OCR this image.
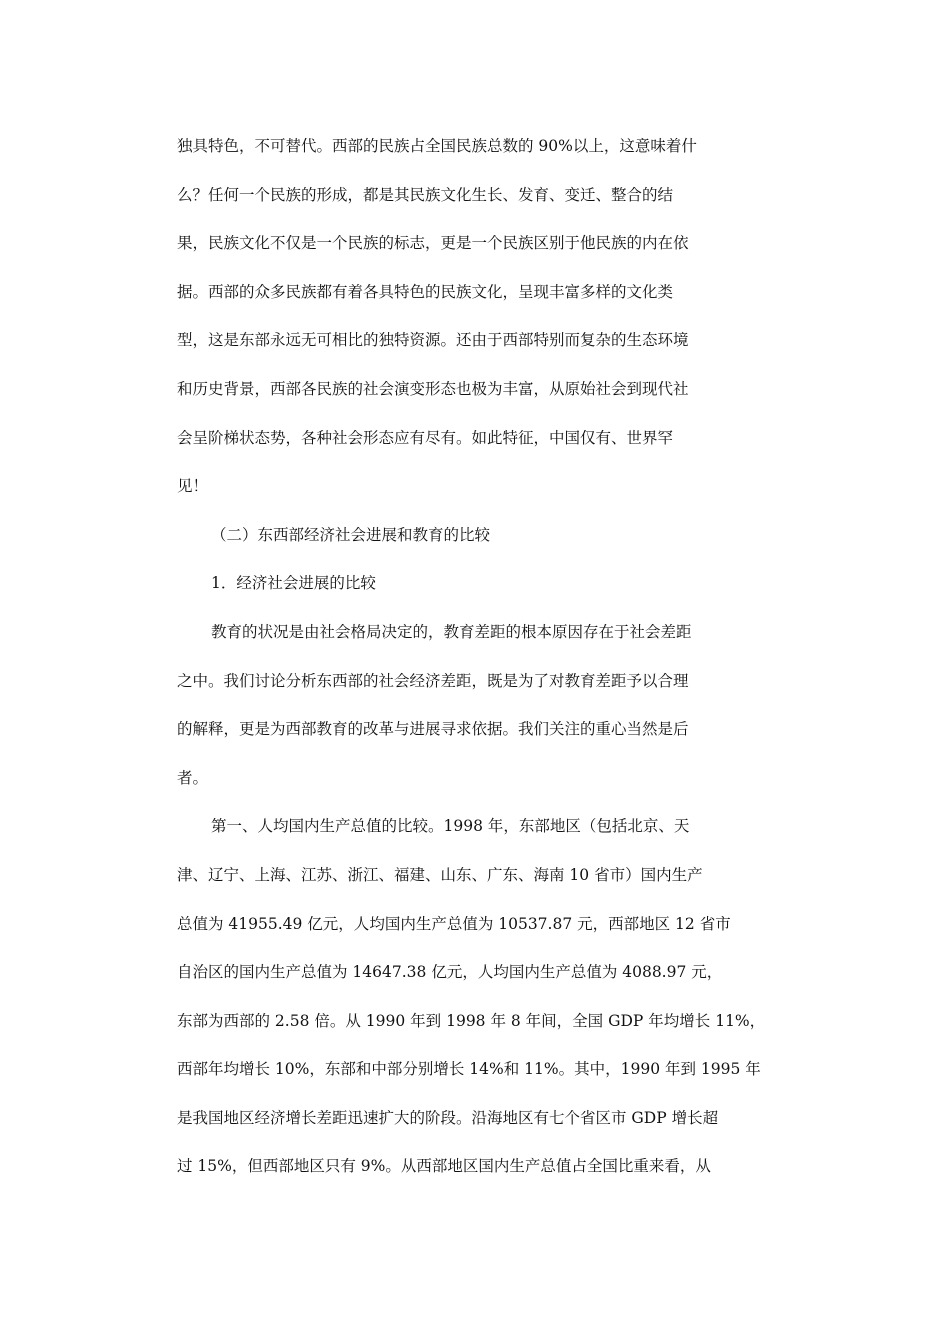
独具特色，不可替代。西部的民族占全国民族总数的 90%以上，这意味着什
么？任何一个民族的形成，都是其民族文化生长、发育、变迁、整合的结
果，民族文化不仅是一个民族的标志，更是一个民族区别于他民族的内在依
据。西部的众多民族都有着各具特色的民族文化，呈现丰富多样的文化类
型，这是东部永远无可相比的独特资源。还由于西部特别而复杂的生态环境
和历史背景，西部各民族的社会演变形态也极为丰富，从原始社会到现代社
会呈阶梯状态势，各种社会形态应有尽有。如此特征，中国仅有、世界罕
见！
（二）东西部经济社会进展和教育的比较
1．经济社会进展的比较
教育的状况是由社会格局决定的，教育差距的根本原因存在于社会差距
之中。我们讨论分析东西部的社会经济差距，既是为了对教育差距予以合理
的解释，更是为西部教育的改革与进展寻求依据。我们关注的重心当然是后
者。
第一、人均国内生产总值的比较。1998 年，东部地区（包括北京、天
津、辽宁、上海、江苏、浙江、福建、山东、广东、海南 10 省市）国内生产
总值为 41955.49 亿元，人均国内生产总值为 10537.87 元，西部地区 12 省市
自治区的国内生产总值为 14647.38 亿元，人均国内生产总值为 4088.97 元，
东部为西部的 2.58 倍。从 1990 年到 1998 年 8 年间，全国 GDP 年均增长 11%，
西部年均增长 10%，东部和中部分别增长 14%和 11%。其中，1990 年到 1995 年
是我国地区经济增长差距迅速扩大的阶段。沿海地区有七个省区市 GDP 增长超
过 15%，但西部地区只有 9%。从西部地区国内生产总值占全国比重来看，从
